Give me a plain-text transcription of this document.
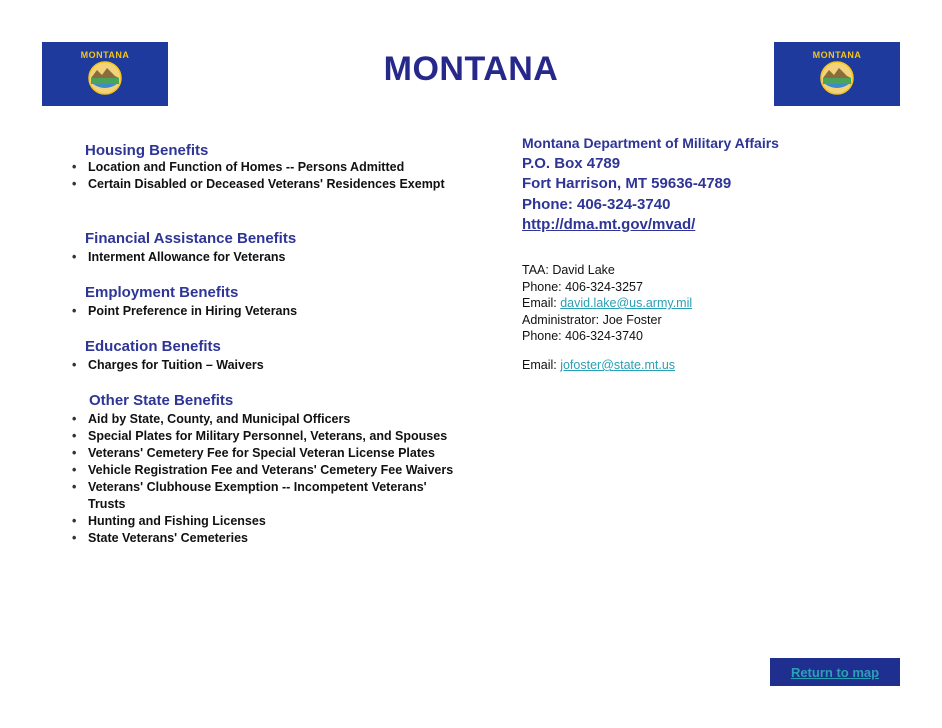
MONTANA	MONTANA
MONTANA
Housing Benefits
• Location and Function of Homes -- Persons Admitted
• Certain Disabled or Deceased Veterans' Residences Exempt
Financial Assistance Benefits
• Interment Allowance for Veterans
Employment Benefits
• Point Preference in Hiring Veterans
Education Benefits
• Charges for Tuition – Waivers
Other State Benefits
• Aid by State, County, and Municipal Officers
• Special Plates for Military Personnel, Veterans, and Spouses
• Veterans' Cemetery Fee for Special Veteran License Plates
• Vehicle Registration Fee and Veterans' Cemetery Fee Waivers
• Veterans' Clubhouse Exemption -- Incompetent Veterans' Trusts
• Hunting and Fishing Licenses
• State Veterans' Cemeteries
Montana Department of Military Affairs
P.O. Box 4789
Fort Harrison, MT 59636-4789
Phone: 406-324-3740
http://dma.mt.gov/mvad/
TAA: David Lake
Phone: 406-324-3257
Email: david.lake@us.army.mil
Administrator: Joe Foster
Phone: 406-324-3740
Email: jofoster@state.mt.us
Return to map
